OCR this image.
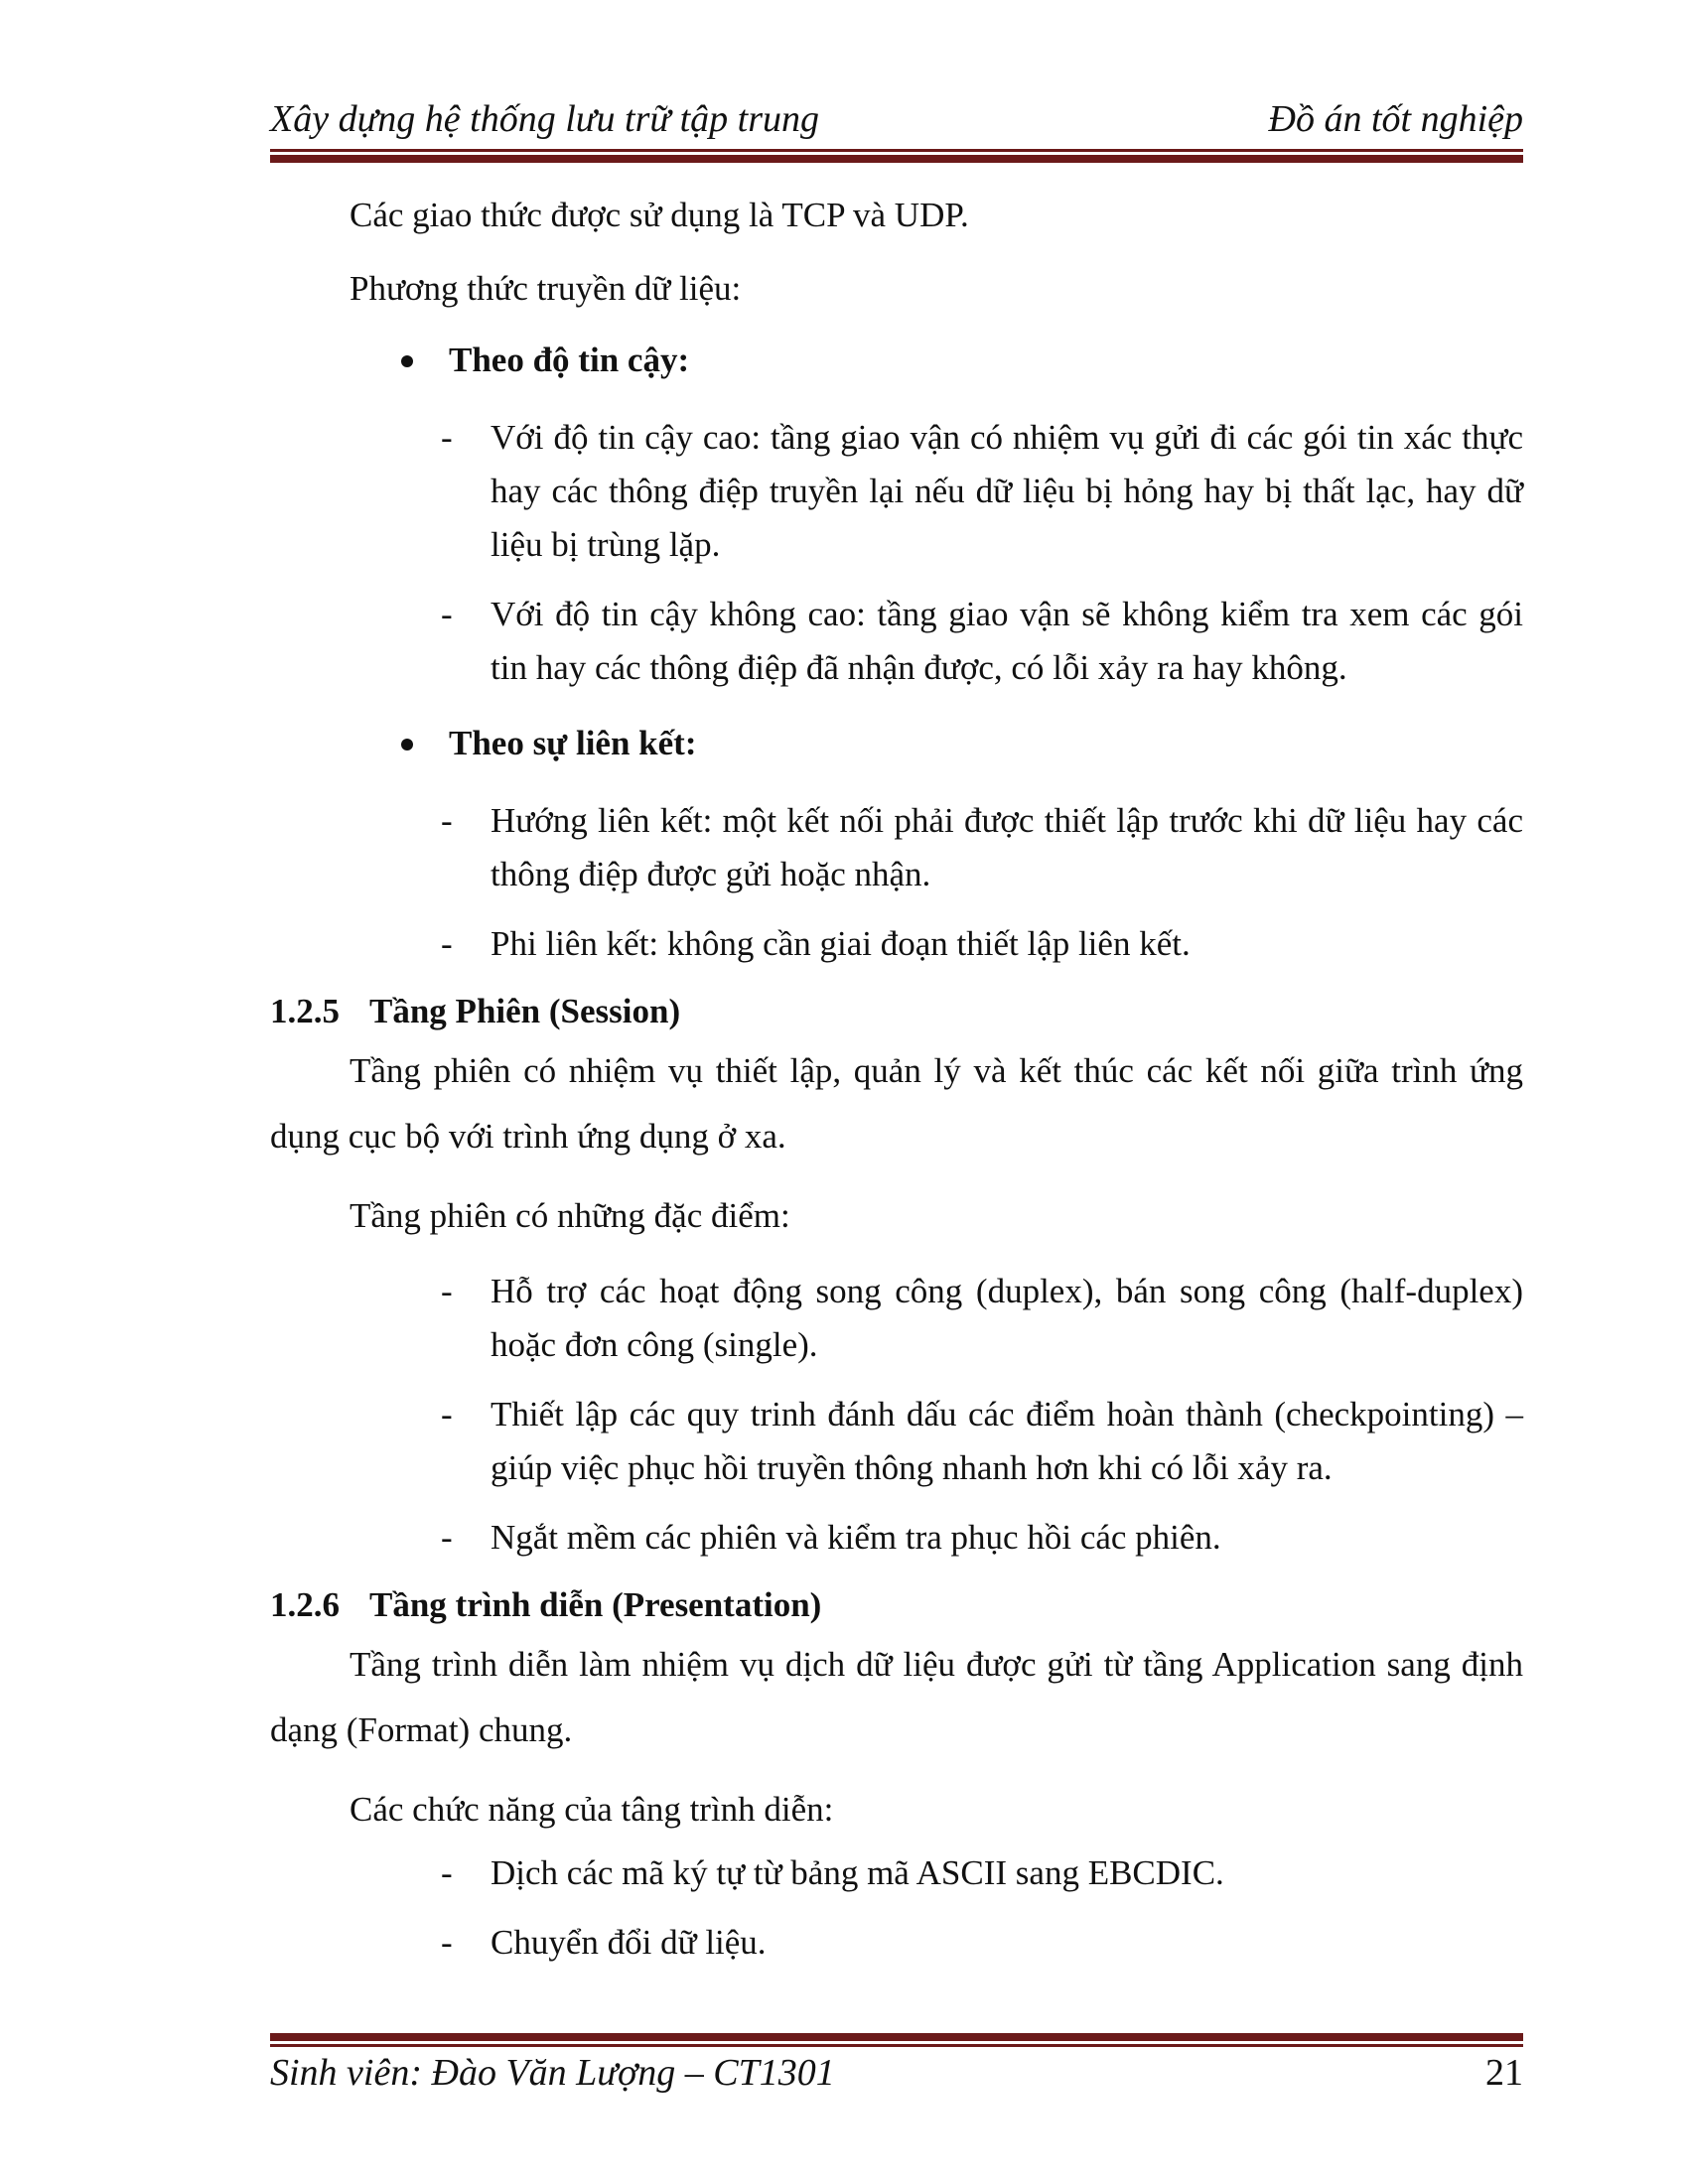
Xây dựng hệ thống lưu trữ tập trung	Đồ án tốt nghiệp

Các giao thức được sử dụng là TCP và UDP.

Phương thức truyền dữ liệu:

Theo độ tin cậy:
- Với độ tin cậy cao: tầng giao vận có nhiệm vụ gửi đi các gói tin xác thực hay các thông điệp truyền lại nếu dữ liệu bị hỏng hay bị thất lạc, hay dữ liệu bị trùng lặp.
- Với độ tin cậy không cao: tầng giao vận sẽ không kiểm tra xem các gói tin hay các thông điệp đã nhận được, có lỗi xảy ra hay không.
Theo sự liên kết:
- Hướng liên kết: một kết nối phải được thiết lập trước khi dữ liệu hay các thông điệp được gửi hoặc nhận.
- Phi liên kết: không cần giai đoạn thiết lập liên kết.
1.2.5 Tầng Phiên (Session)

Tầng phiên có nhiệm vụ thiết lập, quản lý và kết thúc các kết nối giữa trình ứng dụng cục bộ với trình ứng dụng ở xa.

Tầng phiên có những đặc điểm:

- Hỗ trợ các hoạt động song công (duplex), bán song công (half-duplex) hoặc đơn công (single).
- Thiết lập các quy trinh đánh dấu các điểm hoàn thành (checkpointing) – giúp việc phục hồi truyền thông nhanh hơn khi có lỗi xảy ra.
- Ngắt mềm các phiên và kiểm tra phục hồi các phiên.
1.2.6 Tầng trình diễn (Presentation)

Tầng trình diễn làm nhiệm vụ dịch dữ liệu được gửi từ tầng Application sang định dạng (Format) chung.

Các chức năng của tâng trình diễn:

- Dịch các mã ký tự từ bảng mã ASCII sang EBCDIC.
- Chuyển đổi dữ liệu.
Sinh viên: Đào Văn Lượng – CT1301	21
